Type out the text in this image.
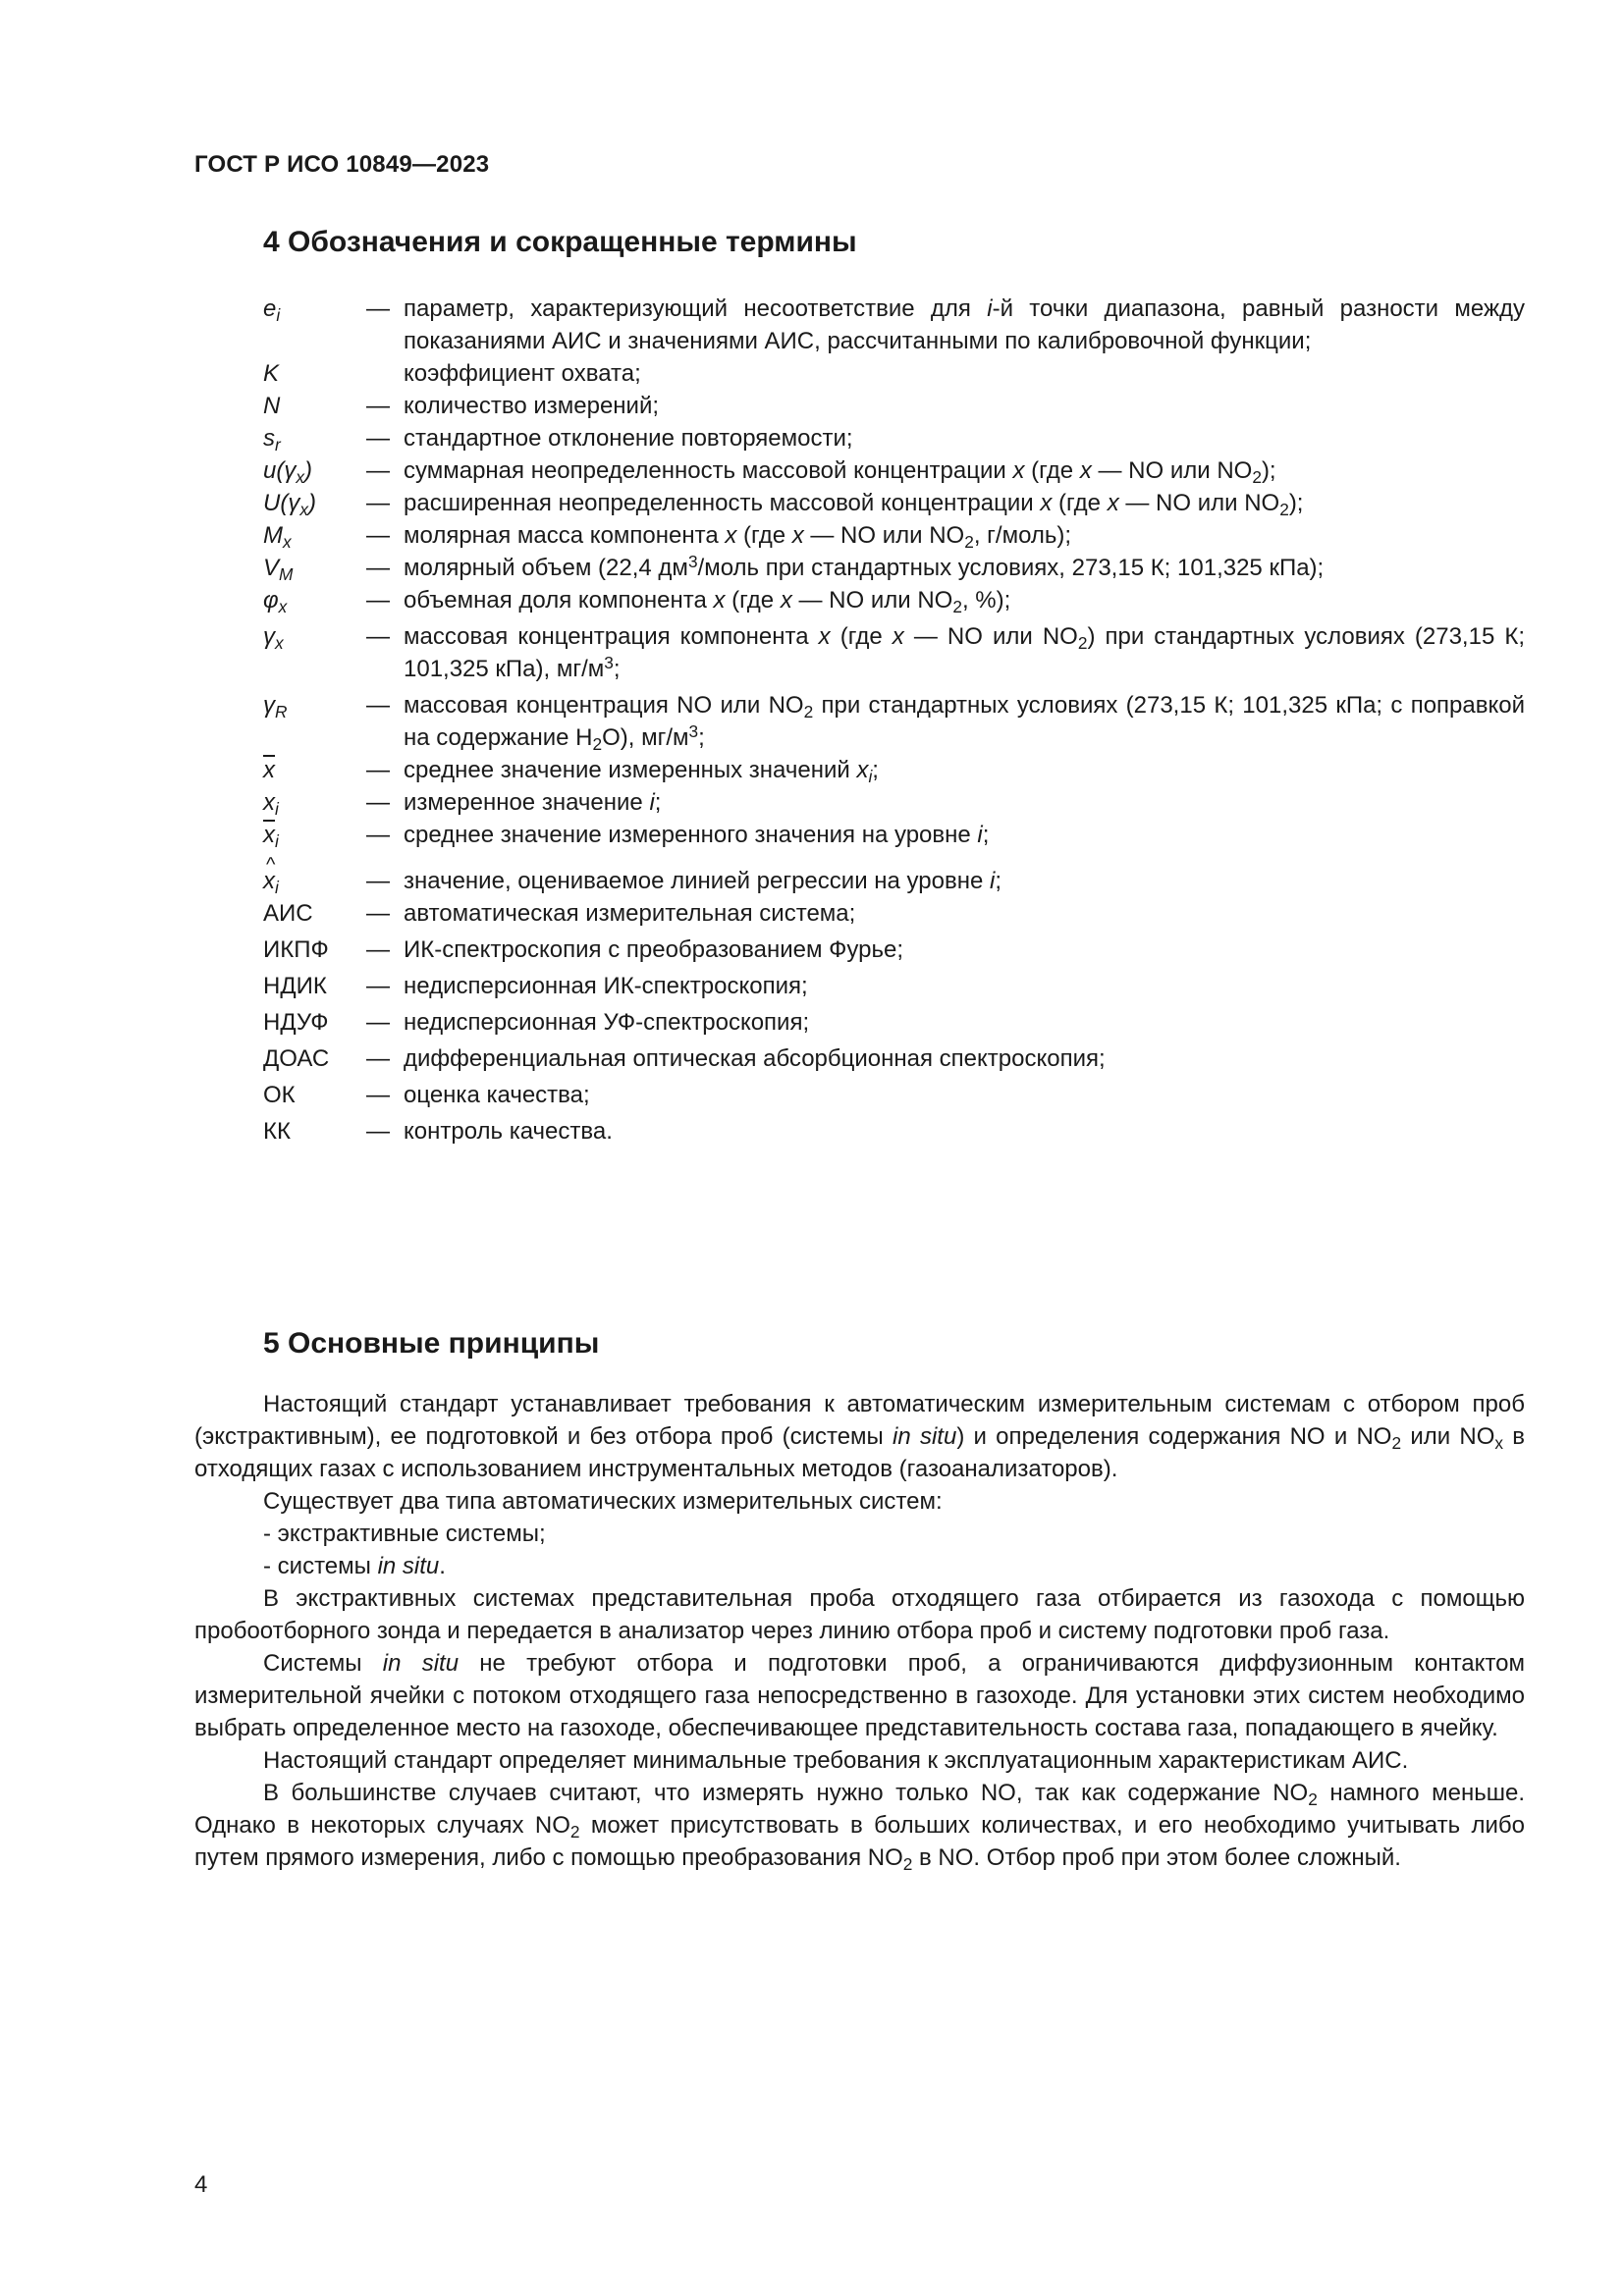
ГОСТ Р ИСО 10849—2023
4 Обозначения и сокращенные термины
$e_i$	— параметр, характеризующий несоответствие для i-й точки диапазона, равный разности между показаниями АИС и значениями АИС, рассчитанными по калибровочной функции;
K	коэффициент охвата;
N	— количество измерений;
$s_r$	— стандартное отклонение повторяемости;
$u(\gamma_x)$	— суммарная неопределенность массовой концентрации x (где x — NO или $NO_2$);
$U(\gamma_x)$	— расширенная неопределенность массовой концентрации x (где x — NO или $NO_2$);
$M_x$	— молярная масса компонента x (где x — NO или $NO_2$, г/моль);
$V_M$	— молярный объем (22,4 $дм^3$/моль при стандартных условиях, 273,15 К; 101,325 кПа);
$\varphi_x$	— объемная доля компонента x (где x — NO или $NO_2$, %);
$\gamma_x$	— массовая концентрация компонента x (где x — NO или $NO_2$) при стандартных условиях (273,15 К; 101,325 кПа), $мг/м^3$;
$\gamma_R$	— массовая концентрация NO или $NO_2$ при стандартных условиях (273,15 К; 101,325 кПа; с поправкой на содержание $H_2O$), $мг/м^3$;
$\overline{x}$	— среднее значение измеренных значений $x_i$;
$x_i$	— измеренное значение i;
$\overline{x}_i$	— среднее значение измеренного значения на уровне i;
^ $x_i$	— значение, оцениваемое линией регрессии на уровне i;
АИС	— автоматическая измерительная система;
ИКПФ	— ИК-спектроскопия с преобразованием Фурье;
НДИК	— недисперсионная ИК-спектроскопия;
НДУФ	— недисперсионная УФ-спектроскопия;
ДОАС	— дифференциальная оптическая абсорбционная спектроскопия;
ОК	— оценка качества;
КК	— контроль качества.
5 Основные принципы

Настоящий стандарт устанавливает требования к автоматическим измерительным системам с отбором проб (экстрактивным), ее подготовкой и без отбора проб (системы in situ) и определения содержания NO и $NO_2$ или $NO_x$ в отходящих газах с использованием инструментальных методов (газоанализаторов).

Существует два типа автоматических измерительных систем:

- экстрактивные системы;

- системы in situ.

В экстрактивных системах представительная проба отходящего газа отбирается из газохода с помощью пробоотборного зонда и передается в анализатор через линию отбора проб и систему подготовки проб газа.

Системы in situ не требуют отбора и подготовки проб, а ограничиваются диффузионным контактом измерительной ячейки с потоком отходящего газа непосредственно в газоходе. Для установки этих систем необходимо выбрать определенное место на газоходе, обеспечивающее представительность состава газа, попадающего в ячейку.

Настоящий стандарт определяет минимальные требования к эксплуатационным характеристикам АИС.

В большинстве случаев считают, что измерять нужно только NO, так как содержание $NO_2$ намного меньше. Однако в некоторых случаях $NO_2$ может присутствовать в больших количествах, и его необходимо учитывать либо путем прямого измерения, либо с помощью преобразования $NO_2$ в NO. Отбор проб при этом более сложный.

4
